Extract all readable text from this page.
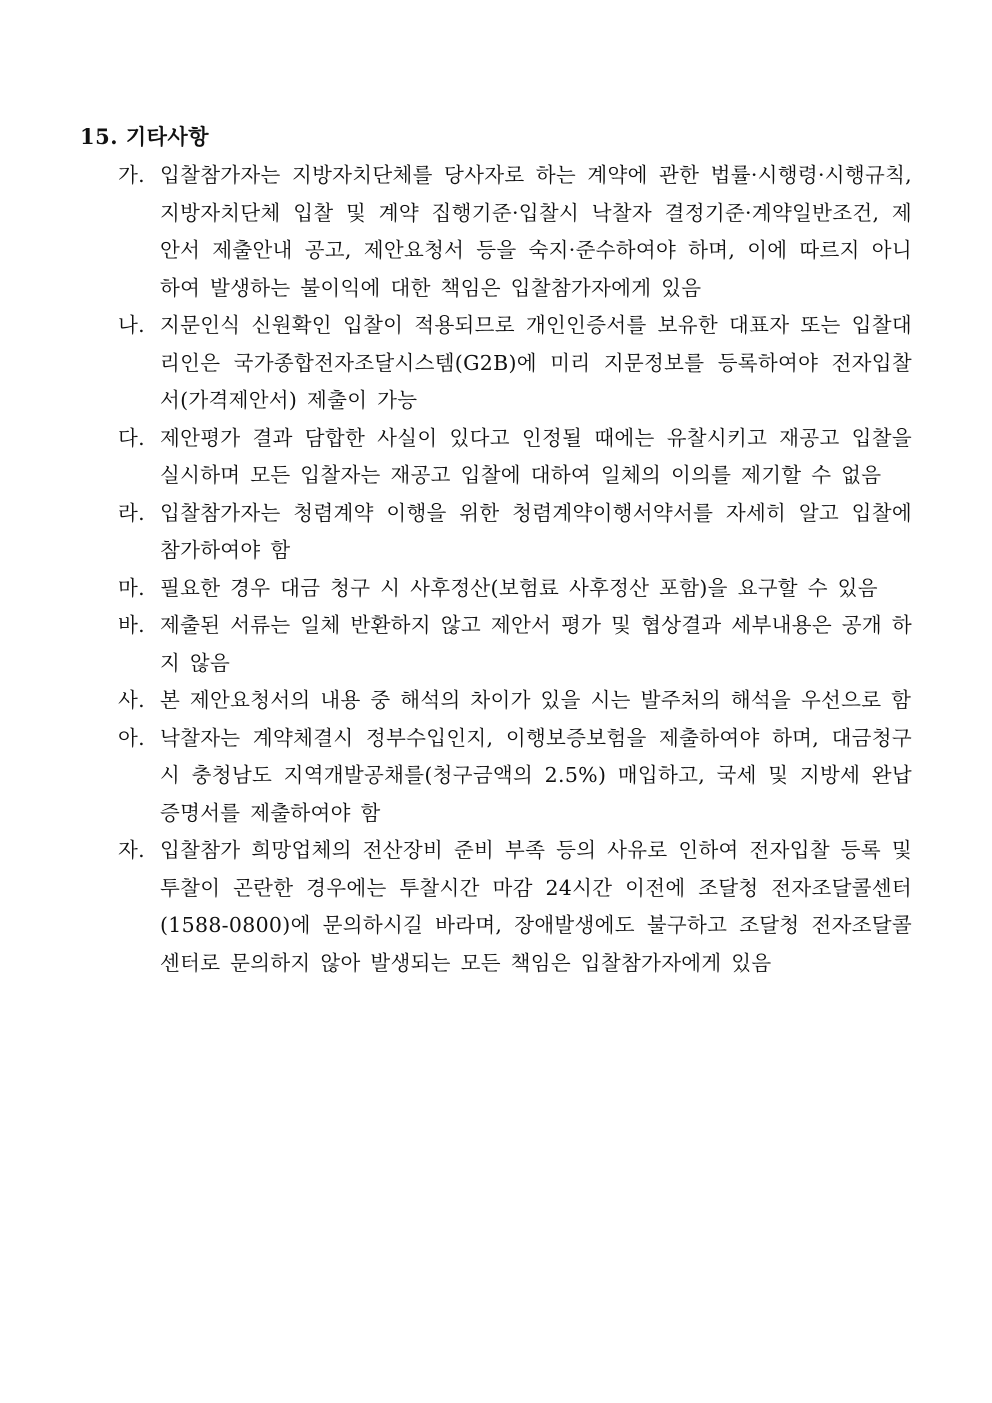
15. 기타사항
가. 입찰참가자는 지방자치단체를 당사자로 하는 계약에 관한 법률·시행령·시행규칙, 지방자치단체 입찰 및 계약 집행기준·입찰시 낙찰자 결정기준·계약일반조건, 제안서 제출안내 공고, 제안요청서 등을 숙지·준수하여야 하며, 이에 따르지 아니하여 발생하는 불이익에 대한 책임은 입찰참가자에게 있음
나. 지문인식 신원확인 입찰이 적용되므로 개인인증서를 보유한 대표자 또는 입찰대리인은 국가종합전자조달시스템(G2B)에 미리 지문정보를 등록하여야 전자입찰서(가격제안서) 제출이 가능
다. 제안평가 결과 담합한 사실이 있다고 인정될 때에는 유찰시키고 재공고 입찰을 실시하며 모든 입찰자는 재공고 입찰에 대하여 일체의 이의를 제기할 수 없음
라. 입찰참가자는 청렴계약 이행을 위한 청렴계약이행서약서를 자세히 알고 입찰에 참가하여야 함
마. 필요한 경우 대금 청구 시 사후정산(보험료 사후정산 포함)을 요구할 수 있음
바. 제출된 서류는 일체 반환하지 않고 제안서 평가 및 협상결과 세부내용은 공개 하지 않음
사. 본 제안요청서의 내용 중 해석의 차이가 있을 시는 발주처의 해석을 우선으로 함
아. 낙찰자는 계약체결시 정부수입인지, 이행보증보험을 제출하여야 하며, 대금청구 시 충청남도 지역개발공채를(청구금액의 2.5%) 매입하고, 국세 및 지방세 완납증명서를 제출하여야 함
자. 입찰참가 희망업체의 전산장비 준비 부족 등의 사유로 인하여 전자입찰 등록 및 투찰이 곤란한 경우에는 투찰시간 마감 24시간 이전에 조달청 전자조달콜센터(1588-0800)에 문의하시길 바라며, 장애발생에도 불구하고 조달청 전자조달콜센터로 문의하지 않아 발생되는 모든 책임은 입찰참가자에게 있음
